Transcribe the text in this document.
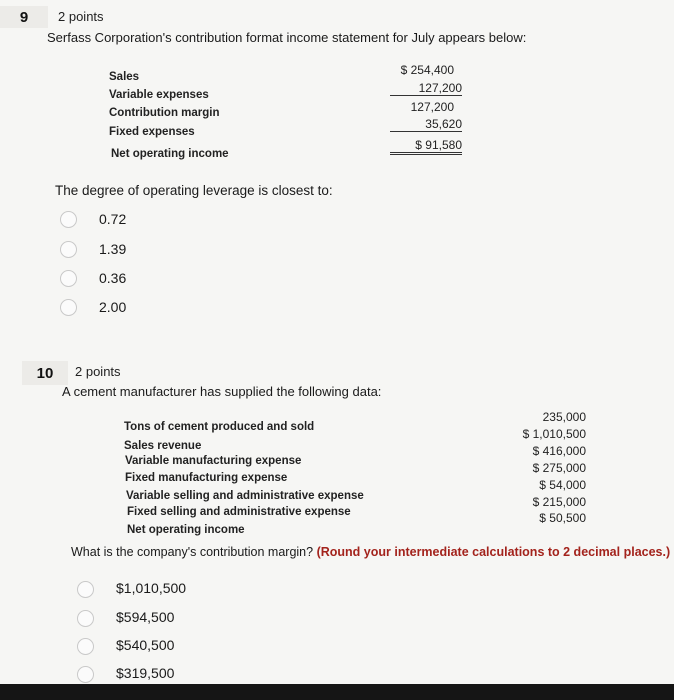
9	2 points
Serfass Corporation's contribution format income statement for July appears below:
Sales
Variable expenses
Contribution margin
Fixed expenses
Net operating income
$ 254,400
127,200
127,200
35,620
$ 91,580
The degree of operating leverage is closest to:
0.72
1.39
0.36
2.00
10	2 points
A cement manufacturer has supplied the following data:
Tons of cement produced and sold
Sales revenue
Variable manufacturing expense
Fixed manufacturing expense
Variable selling and administrative expense
Fixed selling and administrative expense
Net operating income
235,000
$ 1,010,500
$ 416,000
$ 275,000
$ 54,000
$ 215,000
$ 50,500
What is the company's contribution margin? (Round your intermediate calculations to 2 decimal places.)
$1,010,500
$594,500
$540,500
$319,500
